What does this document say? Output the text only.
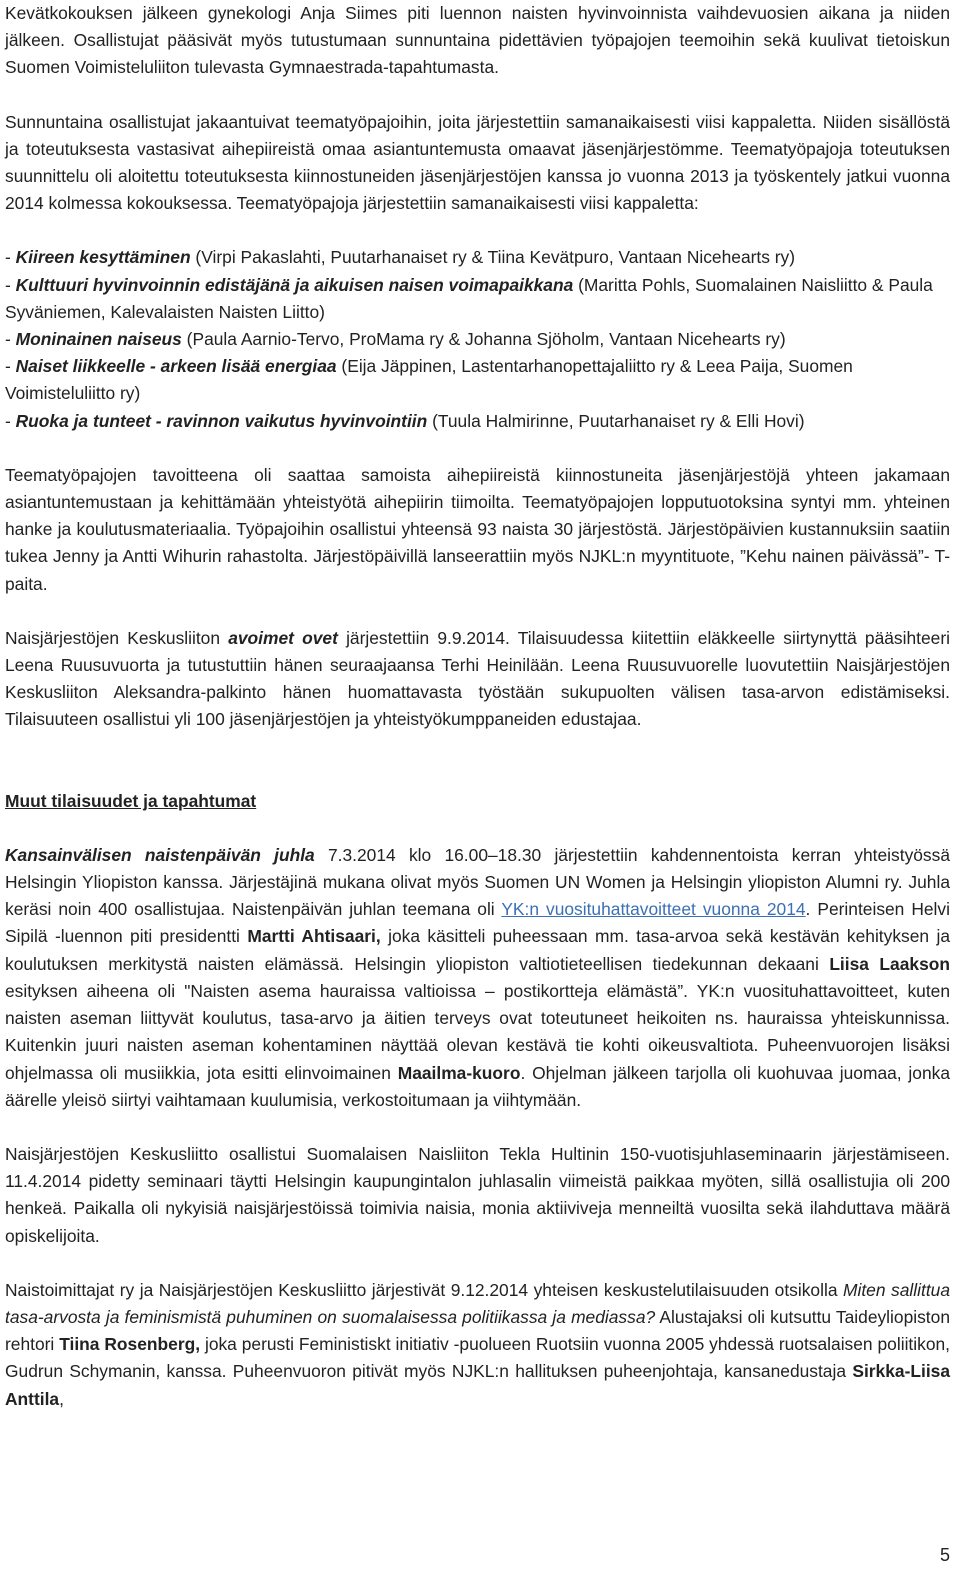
Kevätkokouksen jälkeen gynekologi Anja Siimes piti luennon naisten hyvinvoinnista vaihdevuosien aikana ja niiden jälkeen. Osallistujat pääsivät myös tutustumaan sunnuntaina pidettävien työpajojen teemoihin sekä kuulivat tietoiskun Suomen Voimisteluliiton tulevasta Gymnaestrada-tapahtumasta.

Sunnuntaina osallistujat jakaantuivat teematyöpajoihin, joita järjestettiin samanaikaisesti viisi kappaletta. Niiden sisällöstä ja toteutuksesta vastasivat aihepiireistä omaa asiantuntemusta omaavat jäsenjärjestömme. Teematyöpajoja toteutuksen suunnittelu oli aloitettu toteutuksesta kiinnostuneiden jäsenjärjestöjen kanssa jo vuonna 2013 ja työskentely jatkui vuonna 2014 kolmessa kokouksessa. Teematyöpajoja järjestettiin samanaikaisesti viisi kappaletta:

- Kiireen kesyttäminen (Virpi Pakaslahti, Puutarhanaiset ry & Tiina Kevätpuro, Vantaan Nicehearts ry)

- Kulttuuri hyvinvoinnin edistäjänä ja aikuisen naisen voimapaikkana (Maritta Pohls, Suomalainen Naisliitto & Paula Syväniemen, Kalevalaisten Naisten Liitto)

- Moninainen naiseus (Paula Aarnio-Tervo, ProMama ry & Johanna Sjöholm, Vantaan Nicehearts ry)

- Naiset liikkeelle - arkeen lisää energiaa (Eija Jäppinen, Lastentarhanopettajaliitto ry & Leea Paija, Suomen Voimisteluliitto ry)

- Ruoka ja tunteet - ravinnon vaikutus hyvinvointiin (Tuula Halmirinne, Puutarhanaiset ry & Elli Hovi)

Teematyöpajojen tavoitteena oli saattaa samoista aihepiireistä kiinnostuneita jäsenjärjestöjä yhteen jakamaan asiantuntemustaan ja kehittämään yhteistyötä aihepiirin tiimoilta. Teematyöpajojen lopputuotoksina syntyi mm. yhteinen hanke ja koulutusmateriaalia. Työpajoihin osallistui yhteensä 93 naista 30 järjestöstä. Järjestöpäivien kustannuksiin saatiin tukea Jenny ja Antti Wihurin rahastolta. Järjestöpäivillä lanseerattiin myös NJKL:n myyntituote, ”Kehu nainen päivässä”- T-paita.

Naisjärjestöjen Keskusliiton avoimet ovet järjestettiin 9.9.2014. Tilaisuudessa kiitettiin eläkkeelle siirtynyttä pääsihteeri Leena Ruusuvuorta ja tutustuttiin hänen seuraajaansa Terhi Heinilään. Leena Ruusuvuorelle luovutettiin Naisjärjestöjen Keskusliiton Aleksandra-palkinto hänen huomattavasta työstään sukupuolten välisen tasa-arvon edistämiseksi. Tilaisuuteen osallistui yli 100 jäsenjärjestöjen ja yhteistyökumppaneiden edustajaa.

Muut tilaisuudet ja tapahtumat

Kansainvälisen naistenpäivän juhla 7.3.2014 klo 16.00–18.30 järjestettiin kahdennentoista kerran yhteistyössä Helsingin Yliopiston kanssa. Järjestäjinä mukana olivat myös Suomen UN Women ja Helsingin yliopiston Alumni ry. Juhla keräsi noin 400 osallistujaa. Naistenpäivän juhlan teemana oli YK:n vuosituhattavoitteet vuonna 2014. Perinteisen Helvi Sipilä -luennon piti presidentti Martti Ahtisaari, joka käsitteli puheessaan mm. tasa-arvoa sekä kestävän kehityksen ja koulutuksen merkitystä naisten elämässä. Helsingin yliopiston valtiotieteellisen tiedekunnan dekaani Liisa Laakson esityksen aiheena oli "Naisten asema hauraissa valtioissa – postikortteja elämästä”. YK:n vuosituhattavoitteet, kuten naisten aseman liittyvät koulutus, tasa-arvo ja äitien terveys ovat toteutuneet heikoiten ns. hauraissa yhteiskunnissa. Kuitenkin juuri naisten aseman kohentaminen näyttää olevan kestävä tie kohti oikeusvaltiota. Puheenvuorojen lisäksi ohjelmassa oli musiikkia, jota esitti elinvoimainen Maailma-kuoro. Ohjelman jälkeen tarjolla oli kuohuvaa juomaa, jonka äärelle yleisö siirtyi vaihtamaan kuulumisia, verkostoitumaan ja viihtymään.

Naisjärjestöjen Keskusliitto osallistui Suomalaisen Naisliiton Tekla Hultinin 150-vuotisjuhlaseminaarin järjestämiseen. 11.4.2014 pidetty seminaari täytti Helsingin kaupungintalon juhlasalin viimeistä paikkaa myöten, sillä osallistujia oli 200 henkeä. Paikalla oli nykyisiä naisjärjestöissä toimivia naisia, monia aktiiviveja menneiltä vuosilta sekä ilahduttava määrä opiskelijoita.

Naistoimittajat ry ja Naisjärjestöjen Keskusliitto järjestivät 9.12.2014 yhteisen keskustelutilaisuuden otsikolla Miten sallittua tasa-arvosta ja feminismistä puhuminen on suomalaisessa politiikassa ja mediassa? Alustajaksi oli kutsuttu Taideyliopiston rehtori Tiina Rosenberg, joka perusti Feministiskt initiativ -puolueen Ruotsiin vuonna 2005 yhdessä ruotsalaisen poliitikon, Gudrun Schymanin, kanssa. Puheenvuoron pitivät myös NJKL:n hallituksen puheenjohtaja, kansanedustaja Sirkka-Liisa Anttila,

5
